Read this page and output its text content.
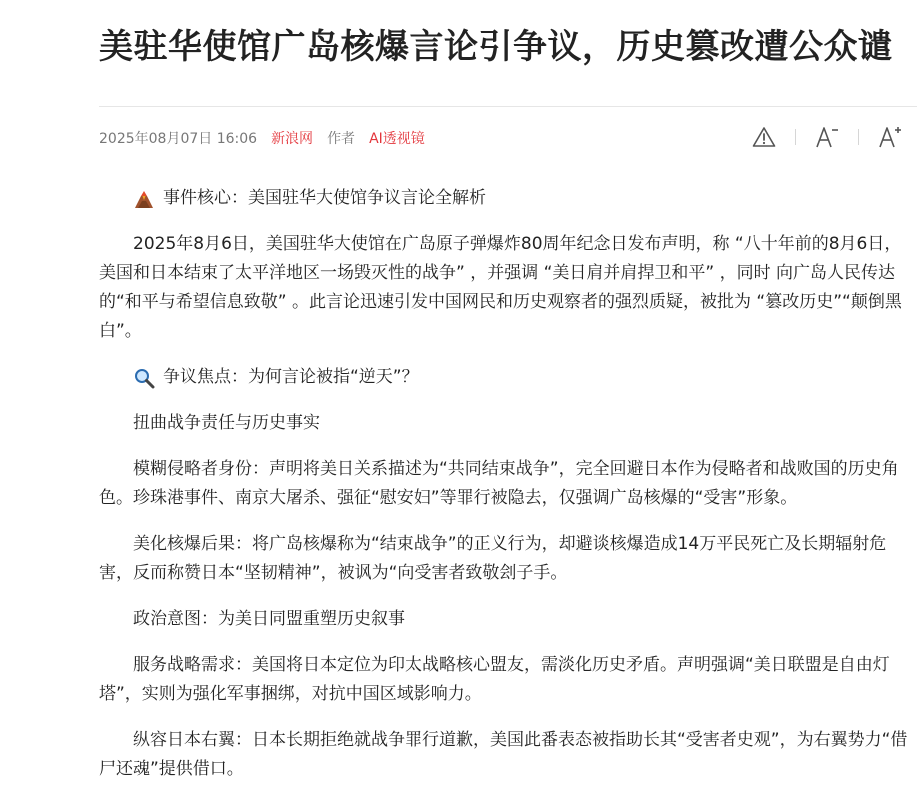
美驻华使馆广岛核爆言论引争议，历史篡改遭公众谴
2025年08月07日 16:06 新浪网 作者 AI透视镜

事件核心：美国驻华大使馆争议言论全解析

2025年8月6日，美国驻华大使馆在广岛原子弹爆炸80周年纪念日发布声明，称 “八十年前的8月6日，美国和日本结束了太平洋地区一场毁灭性的战争” ，并强调 “美日肩并肩捍卫和平” ，同时 向广岛人民传达的“和平与希望信息致敬” 。此言论迅速引发中国网民和历史观察者的强烈质疑，被批为 “篡改历史”“颠倒黑白”。

争议焦点：为何言论被指“逆天”？

扭曲战争责任与历史事实

模糊侵略者身份：声明将美日关系描述为“共同结束战争”，完全回避日本作为侵略者和战败国的历史角色。珍珠港事件、南京大屠杀、强征“慰安妇”等罪行被隐去，仅强调广岛核爆的“受害”形象。

美化核爆后果：将广岛核爆称为“结束战争”的正义行为，却避谈核爆造成14万平民死亡及长期辐射危害，反而称赞日本“坚韧精神”，被讽为“向受害者致敬刽子手。

政治意图：为美日同盟重塑历史叙事

服务战略需求：美国将日本定位为印太战略核心盟友，需淡化历史矛盾。声明强调“美日联盟是自由灯塔”，实则为强化军事捆绑，对抗中国区域影响力。

纵容日本右翼：日本长期拒绝就战争罪行道歉，美国此番表态被指助长其“受害者史观”，为右翼势力“借尸还魂”提供借口。
